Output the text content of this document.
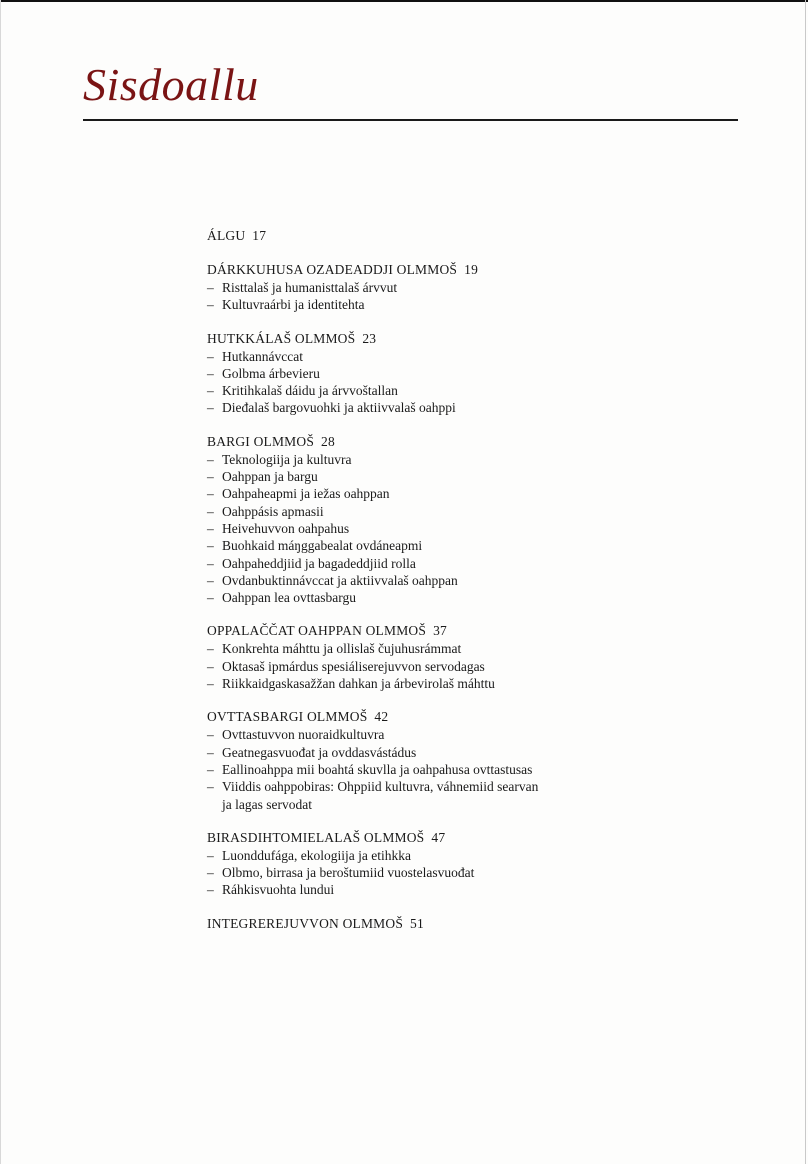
Sisdoallu
ÁLGU 17
DÁRKKUHUSA OZADEADDJI OLMMOŠ 19
– Risttalaš ja humanisttalaš árvvut
– Kultuvraárbi ja identitehta
HUTKKÁLAŠ OLMMOŠ 23
– Hutkannávccat
– Golbma árbevieru
– Kritihkalaš dáidu ja árvvoštallan
– Dieđalaš bargovuohki ja aktiivvalaš oahppi
BARGI OLMMOŠ 28
– Teknologiija ja kultuvra
– Oahppan ja bargu
– Oahpaheapmi ja iežas oahppan
– Oahppásis apmasii
– Heivehuvvon oahpahus
– Buohkaid máŋggabealat ovdáneapmi
– Oahpaheddjiid ja bagadeddjiid rolla
– Ovdanbuktinnávccat ja aktiivvalaš oahppan
– Oahppan lea ovttasbargu
OPPALAČČAT OAHPPAN OLMMOŠ 37
– Konkrehta máhttu ja ollislaš čujuhusrámmat
– Oktasaš ipmárdus spesiáliserejuvvon servodagas
– Riikkaidgaskasažžan dahkan ja árbevirolaš máhttu
OVTTASBARGI OLMMOŠ 42
– Ovttastuvvon nuoraidkultuvra
– Geatnegasvuođat ja ovddasvástádus
– Eallinoahppa mii boahtá skuvlla ja oahpahusa ovttastusas
– Viiddis oahppobiras: Ohppiid kultuvra, váhnemiid searvan
ja lagas servodat
BIRASDIHTOMIELALAŠ OLMMOŠ 47
– Luonddufága, ekologiija ja etihkka
– Olbmo, birrasa ja beroštumiid vuostelasvuođat
– Ráhkisvuohta lundui
INTEGREREJUVVON OLMMOŠ 51
